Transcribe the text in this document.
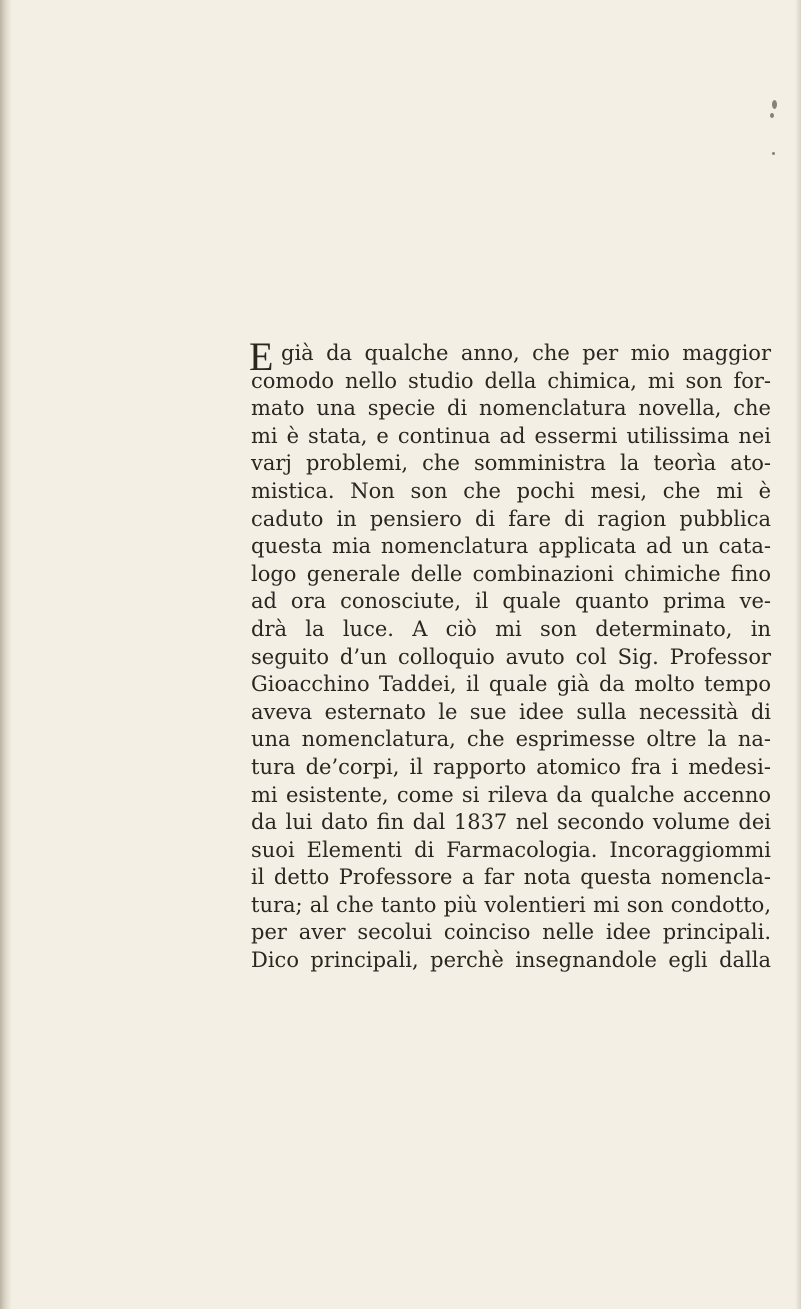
E già da qualche anno, che per mio maggior
comodo nello studio della chimica, mi son for-
mato una specie di nomenclatura novella, che
mi è stata, e continua ad essermi utilissima nei
varj problemi, che somministra la teorìa ato-
mistica. Non son che pochi mesi, che mi è
caduto in pensiero di fare di ragion pubblica
questa mia nomenclatura applicata ad un cata-
logo generale delle combinazioni chimiche fino
ad ora conosciute, il quale quanto prima ve-
drà la luce. A ciò mi son determinato, in
seguito d’un colloquio avuto col Sig. Professor
Gioacchino Taddei, il quale già da molto tempo
aveva esternato le sue idee sulla necessità di
una nomenclatura, che esprimesse oltre la na-
tura de’corpi, il rapporto atomico fra i medesi-
mi esistente, come si rileva da qualche accenno
da lui dato fin dal 1837 nel secondo volume dei
suoi Elementi di Farmacologia. Incoraggiommi
il detto Professore a far nota questa nomencla-
tura; al che tanto più volentieri mi son condotto,
per aver secolui coinciso nelle idee principali.
Dico principali, perchè insegnandole egli dalla
